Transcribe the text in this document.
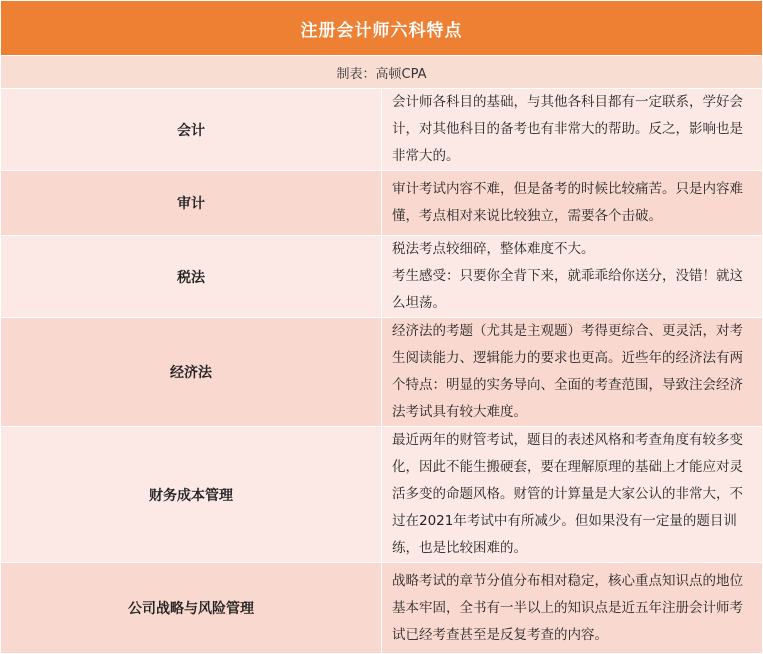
注册会计师六科特点	
制表：高顿CPA	
会计	会计师各科目的基础，与其他各科目都有一定联系，学好会计，对其他科目的备考也有非常大的帮助。反之，影响也是非常大的。

审计	审计考试内容不难，但是备考的时候比较痛苦。只是内容难懂，考点相对来说比较独立，需要各个击破。

税法	税法考点较细碎，整体难度不大。
考生感受：只要你全背下来，就乖乖给你送分，没错！就这么坦荡。

经济法	经济法的考题（尤其是主观题）考得更综合、更灵活，对考生阅读能力、逻辑能力的要求也更高。近些年的经济法有两个特点：明显的实务导向、全面的考查范围，导致注会经济法考试具有较大难度。

财务成本管理	最近两年的财管考试，题目的表述风格和考查角度有较多变化，因此不能生搬硬套，要在理解原理的基础上才能应对灵活多变的命题风格。财管的计算量是大家公认的非常大，不过在2021年考试中有所减少。但如果没有一定量的题目训练，也是比较困难的。

公司战略与风险管理	战略考试的章节分值分布相对稳定，核心重点知识点的地位基本牢固，全书有一半以上的知识点是近五年注册会计师考试已经考查甚至是反复考查的内容。
